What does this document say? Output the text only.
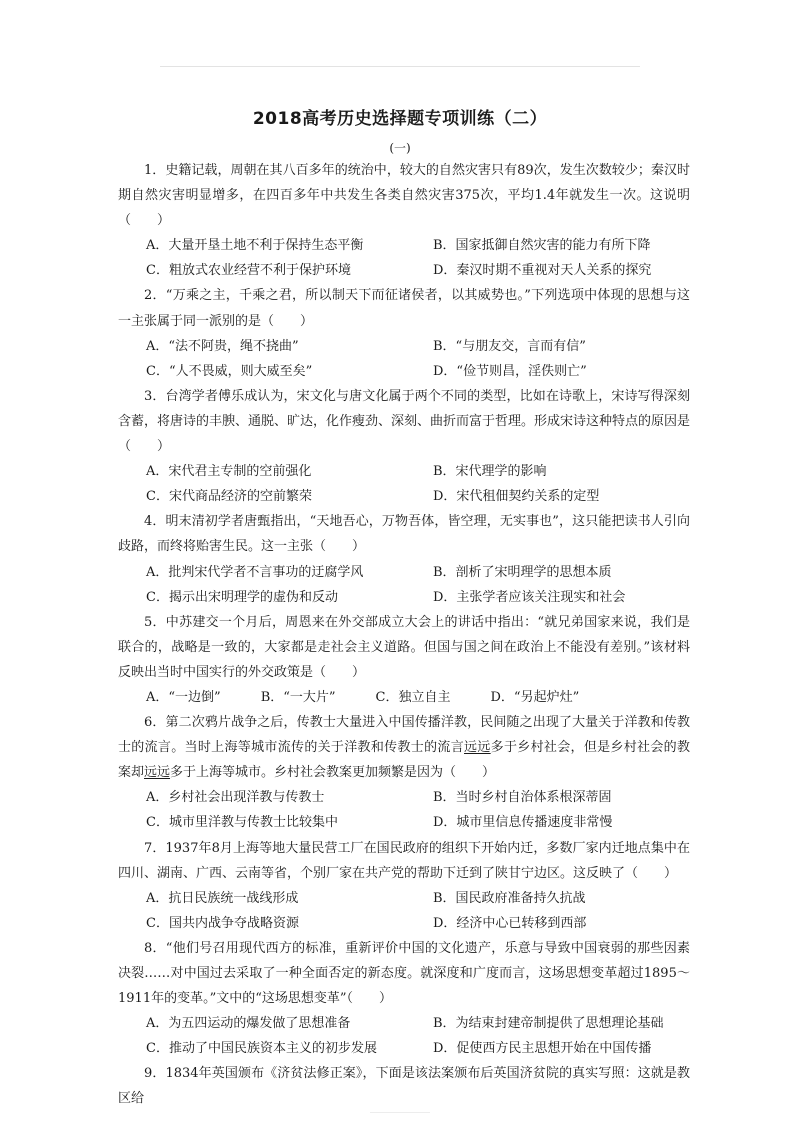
2018高考历史选择题专项训练（二）
(一)
1．史籍记载，周朝在其八百多年的统治中，较大的自然灾害只有89次，发生次数较少；秦汉时期自然灾害明显增多，在四百多年中共发生各类自然灾害375次，平均1.4年就发生一次。这说明（　　）
A．大量开垦土地不利于保持生态平衡	B．国家抵御自然灾害的能力有所下降
C．粗放式农业经营不利于保护环境	D．秦汉时期不重视对天人关系的探究
2．“万乘之主，千乘之君，所以制天下而征诸侯者，以其威势也。”下列选项中体现的思想与这一主张属于同一派别的是（　　）
A．“法不阿贵，绳不挠曲”	B．“与朋友交，言而有信”
C．“人不畏威，则大威至矣”	D．“俭节则昌，淫佚则亡”
3．台湾学者傅乐成认为，宋文化与唐文化属于两个不同的类型，比如在诗歌上，宋诗写得深刻含蓄，将唐诗的丰腴、通脱、旷达，化作瘦劲、深刻、曲折而富于哲理。形成宋诗这种特点的原因是（　　）
A．宋代君主专制的空前强化	B．宋代理学的影响
C．宋代商品经济的空前繁荣	D．宋代租佃契约关系的定型
4．明末清初学者唐甄指出，“天地吾心，万物吾体，皆空理，无实事也”，这只能把读书人引向歧路，而终将贻害生民。这一主张（　　）
A．批判宋代学者不言事功的迂腐学风	B．剖析了宋明理学的思想本质
C．揭示出宋明理学的虚伪和反动	D．主张学者应该关注现实和社会
5．中苏建交一个月后，周恩来在外交部成立大会上的讲话中指出：“就兄弟国家来说，我们是联合的，战略是一致的，大家都是走社会主义道路。但国与国之间在政治上不能没有差别。”该材料反映出当时中国实行的外交政策是（　　）
A．“一边倒”	B．“一大片”	C．独立自主	D．“另起炉灶”
6．第二次鸦片战争之后，传教士大量进入中国传播洋教，民间随之出现了大量关于洋教和传教士的流言。当时上海等城市流传的关于洋教和传教士的流言远远多于乡村社会，但是乡村社会的教案却远远多于上海等城市。乡村社会教案更加频繁是因为（　　）
A．乡村社会出现洋教与传教士	B．当时乡村自治体系根深蒂固
C．城市里洋教与传教士比较集中	D．城市里信息传播速度非常慢
7．1937年8月上海等地大量民营工厂在国民政府的组织下开始内迁，多数厂家内迁地点集中在四川、湖南、广西、云南等省，个别厂家在共产党的帮助下迁到了陕甘宁边区。这反映了（　　）
A．抗日民族统一战线形成	B．国民政府准备持久抗战
C．国共内战争夺战略资源	D．经济中心已转移到西部
8．“他们号召用现代西方的标准，重新评价中国的文化遗产，乐意与导致中国衰弱的那些因素决裂……对中国过去采取了一种全面否定的新态度。就深度和广度而言，这场思想变革超过1895～1911年的变革。”文中的“这场思想变革”（　　）
A．为五四运动的爆发做了思想准备	B．为结束封建帝制提供了思想理论基础
C．推动了中国民族资本主义的初步发展	D．促使西方民主思想开始在中国传播
9．1834年英国颁布《济贫法修正案》，下面是该法案颁布后英国济贫院的真实写照：这就是教区给
